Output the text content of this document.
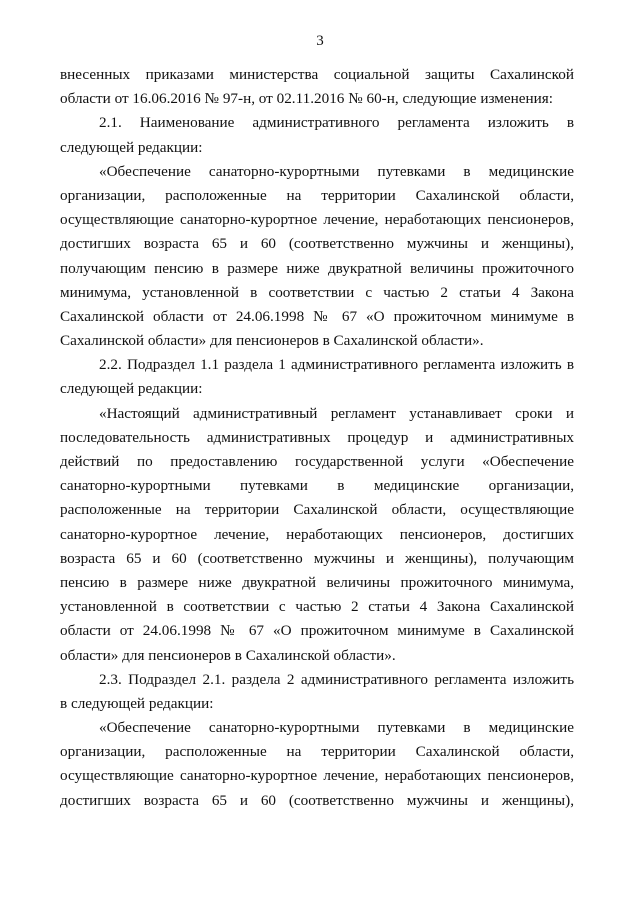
3
внесенных приказами министерства социальной защиты Сахалинской
области от 16.06.2016 № 97-н, от 02.11.2016 № 60-н, следующие изменения:
2.1. Наименование административного регламента изложить в
следующей редакции:
«Обеспечение санаторно-курортными путевками в медицинские
организации, расположенные на территории Сахалинской области,
осуществляющие санаторно-курортное лечение, неработающих пенсионеров,
достигших возраста 65 и 60 (соответственно мужчины и женщины),
получающим пенсию в размере ниже двукратной величины прожиточного
минимума, установленной в соответствии с частью 2 статьи 4 Закона
Сахалинской области от 24.06.1998 № 67 «О прожиточном минимуме в
Сахалинской области» для пенсионеров в Сахалинской области».
2.2. Подраздел 1.1 раздела 1 административного регламента изложить в
следующей редакции:
«Настоящий административный регламент устанавливает сроки и
последовательность административных процедур и административных
действий по предоставлению государственной услуги «Обеспечение
санаторно-курортными путевками в медицинские организации,
расположенные на территории Сахалинской области, осуществляющие
санаторно-курортное лечение, неработающих пенсионеров, достигших
возраста 65 и 60 (соответственно мужчины и женщины), получающим
пенсию в размере ниже двукратной величины прожиточного минимума,
установленной в соответствии с частью 2 статьи 4 Закона Сахалинской
области от 24.06.1998 № 67 «О прожиточном минимуме в Сахалинской
области» для пенсионеров в Сахалинской области».
2.3. Подраздел 2.1. раздела 2 административного регламента изложить
в следующей редакции:
«Обеспечение санаторно-курортными путевками в медицинские
организации, расположенные на территории Сахалинской области,
осуществляющие санаторно-курортное лечение, неработающих пенсионеров,
достигших возраста 65 и 60 (соответственно мужчины и женщины),
